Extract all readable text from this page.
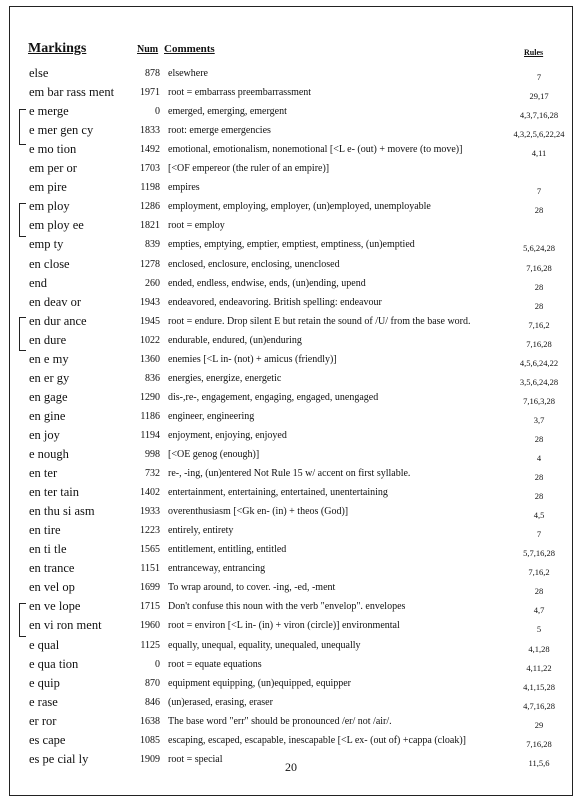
Markings	Num Comments	Rules
else	878 elsewhere	7
em bar rass ment	1971 root = embarrass preembarrassment	29,17
e merge	0 emerged, emerging, emergent	4,3,7,16,28
e mer gen cy	1833 root: emerge emergencies	4,3,2,5,6,22,24
e mo tion	1492 emotional, emotionalism, nonemotional [<L e- (out) + movere (to move)]	4,11
em per or	1703 [<OF empereor (the ruler of an empire)]
em pire	1198 empires	7
em ploy	1286 employment, employing, employer, (un)employed, unemployable	28
em ploy ee	1821 root = employ
emp ty	839 empties, emptying, emptier, emptiest, emptiness, (un)emptied	5,6,24,28
en close	1278 enclosed, enclosure, enclosing, unenclosed	7,16,28
end	260 ended, endless, endwise, ends, (un)ending, upend	28
en deav or	1943 endeavored, endeavoring. British spelling: endeavour	28
en dur ance	1945 root = endure. Drop silent E but retain the sound of /U/ from the base word.	7,16,2
en dure	1022 endurable, endured, (un)enduring	7,16,28
en e my	1360 enemies [<L in- (not) + amicus (friendly)]	4,5,6,24,22
en er gy	836 energies, energize, energetic	3,5,6,24,28
en gage	1290 dis-,re-, engagement, engaging, engaged, unengaged	7,16,3,28
en gine	1186 engineer, engineering	3,7
en joy	1194 enjoyment, enjoying, enjoyed	28
e nough	998 [<OE genog (enough)]	4
en ter	732 re-, -ing, (un)entered Not Rule 15 w/ accent on first syllable.	28
en ter tain	1402 entertainment, entertaining, entertained, unentertaining	28
en thu si asm	1933 overenthusiasm [<Gk en- (in) + theos (God)]	4,5
en tire	1223 entirely, entirety	7
en ti tle	1565 entitlement, entitling, entitled	5,7,16,28
en trance	1151 entranceway, entrancing	7,16,2
en vel op	1699 To wrap around, to cover. -ing, -ed, -ment	28
en ve lope	1715 Don't confuse this noun with the verb "envelop". envelopes	4,7
en vi ron ment	1960 root = environ [<L in- (in) + viron (circle)] environmental	5
e qual	1125 equally, unequal, equality, unequaled, unequally	4,1,28
e qua tion	0 root = equate equations	4,11,22
e quip	870 equipment equipping, (un)equipped, equipper	4,1,15,28
e rase	846 (un)erased, erasing, eraser	4,7,16,28
er ror	1638 The base word "err" should be pronounced /er/ not /air/.	29
es cape	1085 escaping, escaped, escapable, inescapable [<L ex- (out of) +cappa (cloak)]	7,16,28
es pe cial ly	1909 root = special	11,5,6
20
